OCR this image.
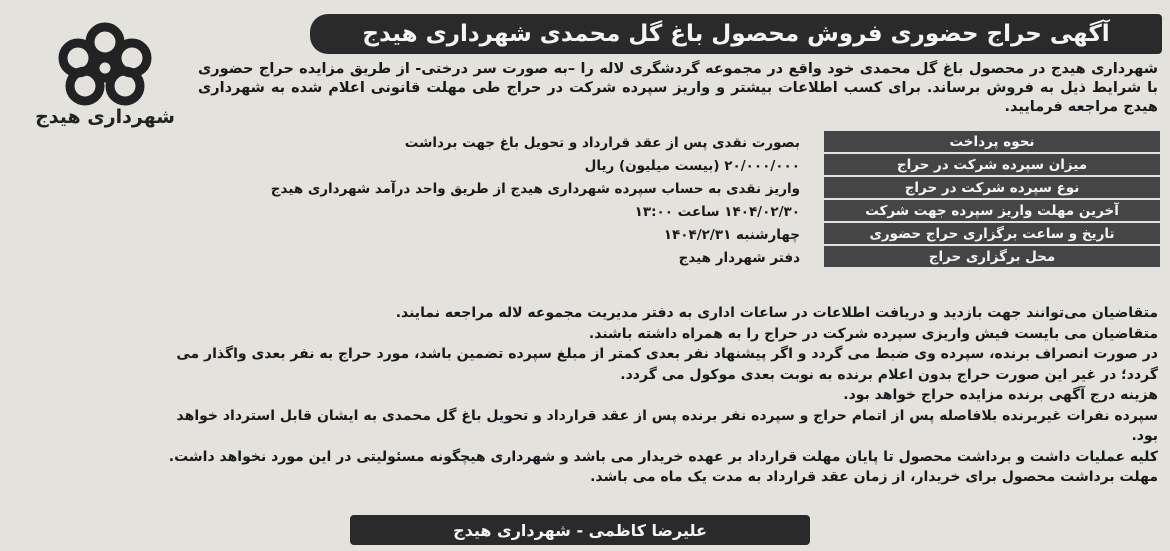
آگهی حراج حضوری فروش محصول باغ گل محمدی شهرداری هیدج
شهرداری هیدج
شهرداری هیدج در محصول باغ گل محمدی خود واقع در مجموعه گردشگری لاله را –به صورت سر درختی- از طریق مزایده حراج حضوری با شرایط ذیل به فروش برساند. برای کسب اطلاعات بیشتر و واریز سپرده شرکت در حراج طی مهلت قانونی اعلام شده به شهرداری هیدج مراجعه فرمایید.
نحوه پرداخت
بصورت نقدی پس از عقد قرارداد و تحویل باغ جهت برداشت
میزان سپرده شرکت در حراج
۲۰/۰۰۰/۰۰۰ (بیست میلیون) ریال
نوع سپرده شرکت در حراج
واریز نقدی به حساب سپرده شهرداری هیدج از طریق واحد درآمد شهرداری هیدج
آخرین مهلت واریز سپرده جهت شرکت
۱۴۰۴/۰۲/۳۰ ساعت ۱۳:۰۰
تاریخ و ساعت برگزاری حراج حضوری
چهارشنبه ۱۴۰۴/۲/۳۱
محل برگزاری حراج
دفتر شهردار هیدج

متقاضیان می‌توانند جهت بازدید و دریافت اطلاعات در ساعات اداری به دفتر مدیریت مجموعه لاله مراجعه نمایند.

متقاضیان می بایست فیش واریزی سپرده شرکت در حراج را به همراه داشته باشند.

در صورت انصراف برنده، سپرده وی ضبط می گردد و اگر پیشنهاد نفر بعدی کمتر از مبلغ سپرده تضمین باشد، مورد حراج به نفر بعدی واگذار می گردد؛ در غیر این صورت حراج بدون اعلام برنده به نوبت بعدی موکول می گردد.

هزینه درج آگهی برنده مزایده حراج خواهد بود.

سپرده نفرات غیربرنده بلافاصله پس از اتمام حراج و سپرده نفر برنده پس از عقد قرارداد و تحویل باغ گل محمدی به ایشان قابل استرداد خواهد بود.

کلیه عملیات داشت و برداشت محصول تا پایان مهلت قرارداد بر عهده خریدار می باشد و شهرداری هیچگونه مسئولیتی در این مورد نخواهد داشت.

مهلت برداشت محصول برای خریدار، از زمان عقد قرارداد به مدت یک ماه می باشد.

علیرضا کاظمی - شهرداری هیدج
